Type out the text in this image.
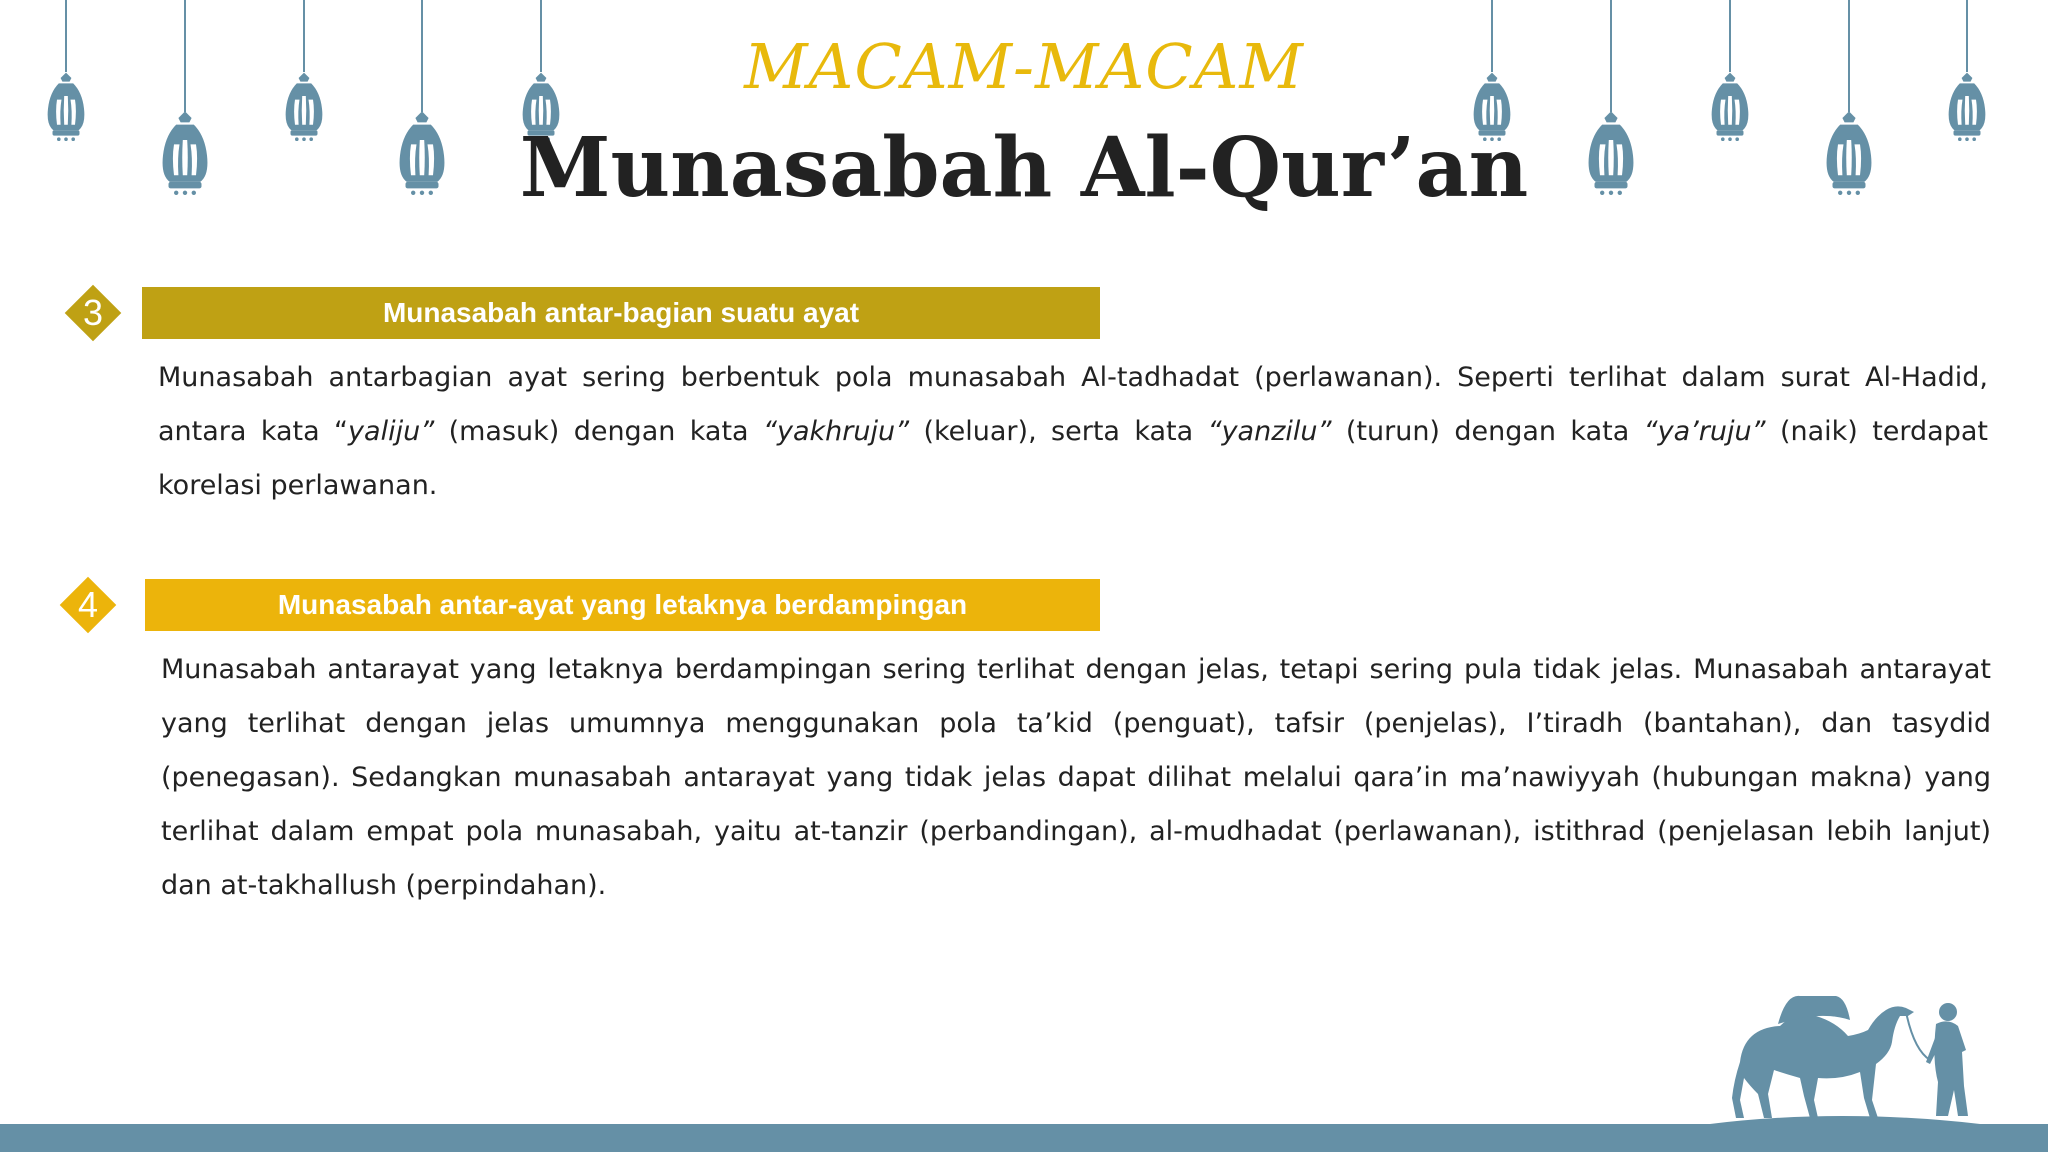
MACAM-MACAM
Munasabah Al-Qur’an
3	Munasabah antar-bagian suatu ayat
Munasabah antarbagian ayat sering berbentuk pola munasabah Al-tadhadat (perlawanan). Seperti terlihat dalam surat Al-Hadid, antara kata “yaliju” (masuk) dengan kata “yakhruju” (keluar), serta kata “yanzilu” (turun) dengan kata “ya’ruju” (naik) terdapat korelasi perlawanan.
4	Munasabah antar-ayat yang letaknya berdampingan
Munasabah antarayat yang letaknya berdampingan sering terlihat dengan jelas, tetapi sering pula tidak jelas. Munasabah antarayat yang terlihat dengan jelas umumnya menggunakan pola ta’kid (penguat), tafsir (penjelas), I’tiradh (bantahan), dan tasydid (penegasan). Sedangkan munasabah antarayat yang tidak jelas dapat dilihat melalui qara’in ma’nawiyyah (hubungan makna) yang terlihat dalam empat pola munasabah, yaitu at-tanzir (perbandingan), al-mudhadat (perlawanan), istithrad (penjelasan lebih lanjut) dan at-takhallush (perpindahan).
